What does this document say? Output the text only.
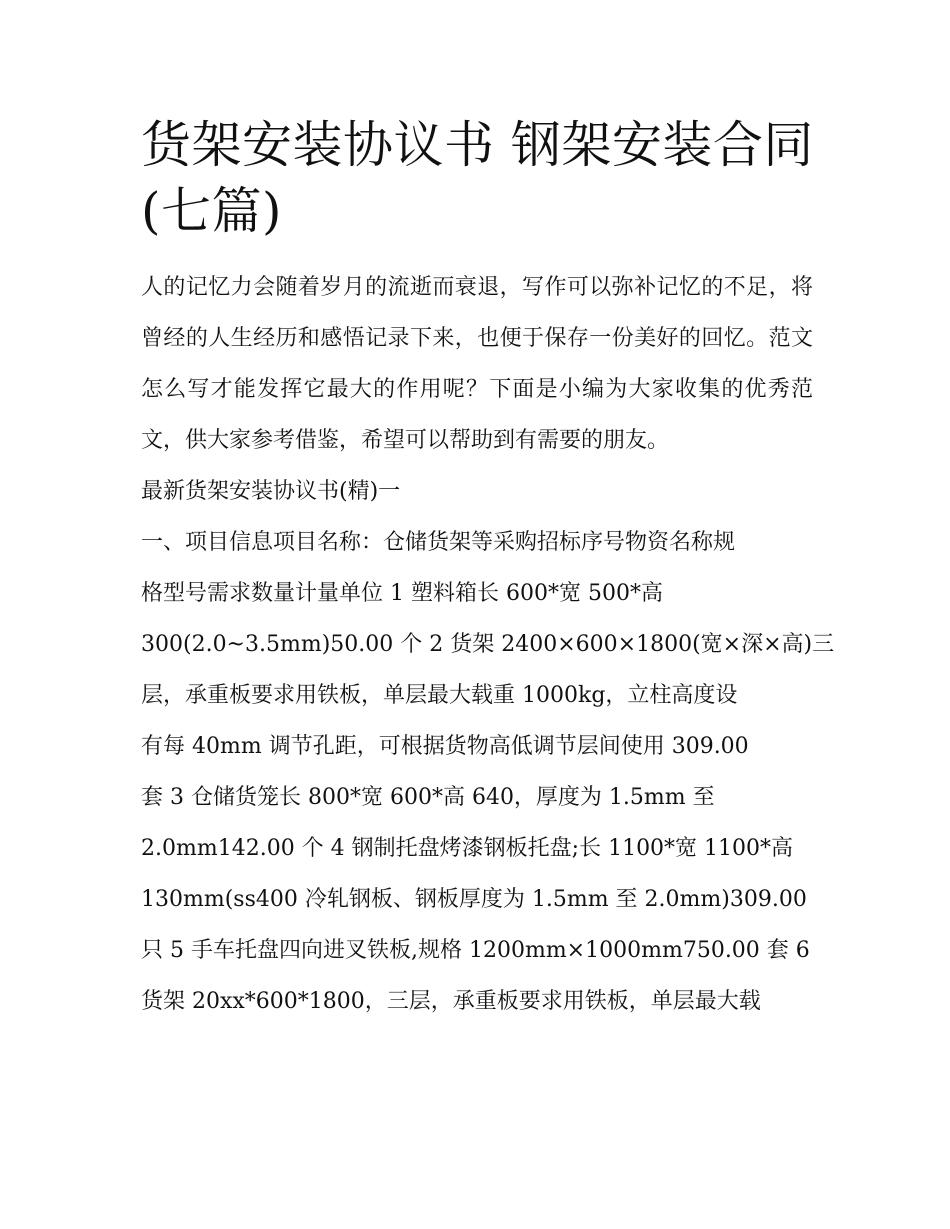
货架安装协议书 钢架安装合同
(七篇)

人的记忆力会随着岁月的流逝而衰退，写作可以弥补记忆的不足，将曾经的人生经历和感悟记录下来，也便于保存一份美好的回忆。范文怎么写才能发挥它最大的作用呢？下面是小编为大家收集的优秀范文，供大家参考借鉴，希望可以帮助到有需要的朋友。

最新货架安装协议书(精)一
一、项目信息项目名称：仓储货架等采购招标序号物资名称规
格型号需求数量计量单位 1 塑料箱长 600*宽 500*高
300(2.0~3.5mm)50.00 个 2 货架 2400×600×1800(宽×深×高)三
层，承重板要求用铁板，单层最大载重 1000kg，立柱高度设
有每 40mm 调节孔距，可根据货物高低调节层间使用 309.00
套 3 仓储货笼长 800*宽 600*高 640，厚度为 1.5mm 至
2.0mm142.00 个 4 钢制托盘烤漆钢板托盘;长 1100*宽 1100*高
130mm(ss400 冷轧钢板、钢板厚度为 1.5mm 至 2.0mm)309.00
只 5 手车托盘四向进叉铁板,规格 1200mm×1000mm750.00 套 6
货架 20xx*600*1800，三层，承重板要求用铁板，单层最大载
